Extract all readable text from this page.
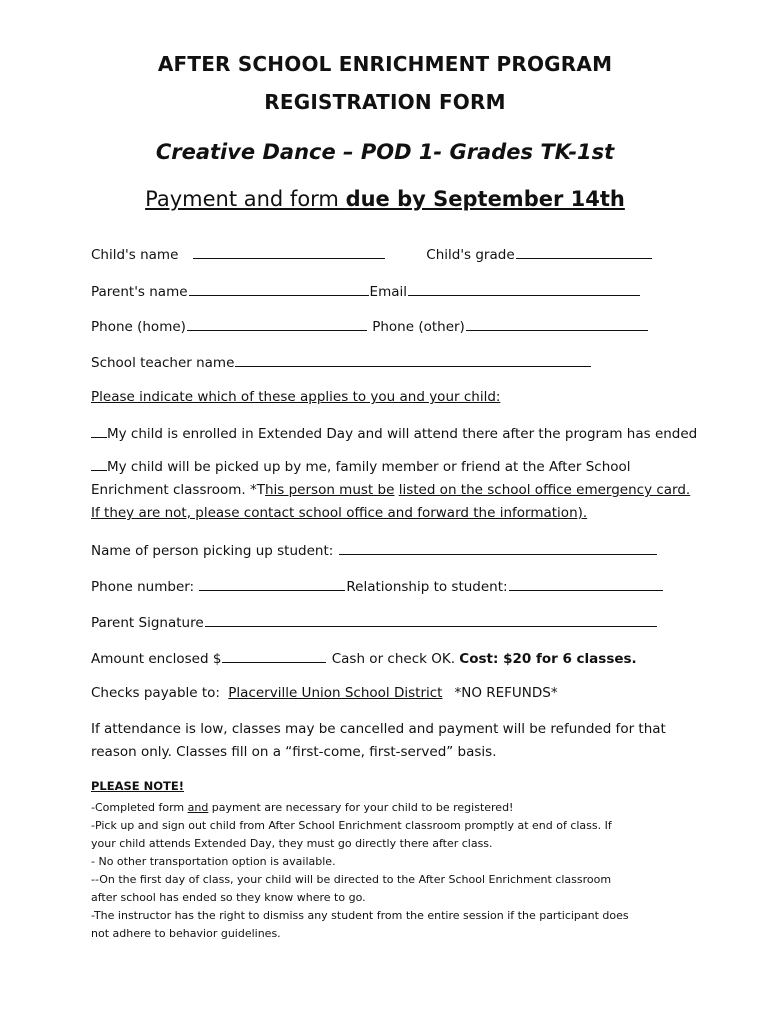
AFTER SCHOOL ENRICHMENT PROGRAM
REGISTRATION FORM
Creative Dance – POD 1- Grades TK-1st
Payment and form due by September 14th
Child's name	Child's grade
Parent's name	Email
Phone (home)	Phone (other)
School teacher name
Please indicate which of these applies to you and your child:
My child is enrolled in Extended Day and will attend there after the program has ended
My child will be picked up by me, family member or friend at the After School
Enrichment classroom. *This person must be listed on the school office emergency card.
If they are not, please contact school office and forward the information).
Name of person picking up student:
Phone number:	Relationship to student:
Parent Signature
Amount enclosed $	Cash or check OK. Cost: $20 for 6 classes.
Checks payable to: Placerville Union School District *NO REFUNDS*
If attendance is low, classes may be cancelled and payment will be refunded for that
reason only. Classes fill on a “first-come, first-served” basis.
PLEASE NOTE!
-Completed form and payment are necessary for your child to be registered!
-Pick up and sign out child from After School Enrichment classroom promptly at end of class. If
your child attends Extended Day, they must go directly there after class.
- No other transportation option is available.
--On the first day of class, your child will be directed to the After School Enrichment classroom
after school has ended so they know where to go.
-The instructor has the right to dismiss any student from the entire session if the participant does
not adhere to behavior guidelines.
